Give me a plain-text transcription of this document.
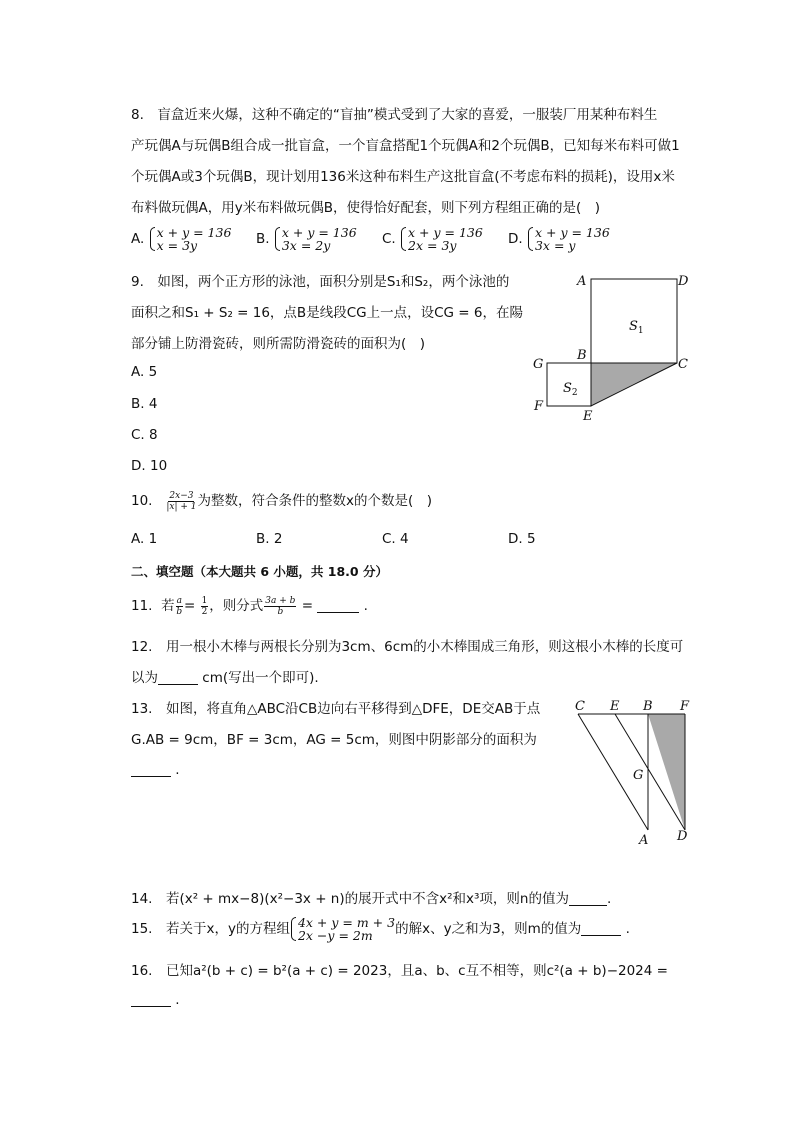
8.　盲盒近来火爆，这种不确定的“盲抽”模式受到了大家的喜爱，一服装厂用某种布料生
产玩偶A与玩偶B组合成一批盲盒，一个盲盒搭配1个玩偶A和2个玩偶B，已知每米布料可做1
个玩偶A或3个玩偶B，现计划用136米这种布料生产这批盲盒(不考虑布料的损耗)，设用x米
布料做玩偶A，用y米布料做玩偶B，使得恰好配套，则下列方程组正确的是(　)
A. x + y = 136
x = 3y	B. x + y = 136
3x = 2y	C. x + y = 136
2x = 3y	D. x + y = 136
3x = y
9.　如图，两个正方形的泳池，面积分别是S₁和S₂，两个泳池的
面积之和S₁ + S₂ = 16，点B是线段CG上一点，设CG = 6，在陽
部分铺上防滑瓷砖，则所需防滑瓷砖的面积为(　)
A. 5
B. 4
C. 8
D. 10
A	D
$S_1$
B
C
G
$S_2$
F
E
10. $\frac{2x-3}{|x| + 1}$ 为整数，符合条件的整数x的个数是(　)
A. 1	B. 2	C. 4	D. 5
二、填空题（本大题共 6 小题，共 18.0 分）
11. 若 $\frac{a}{b} = \frac{1}{2}$ ，则分式 $\frac{3a + b}{b}$ =	.
12.　用一根小木棒与两根长分别为3cm、6cm的小木棒围成三角形，则这根小木棒的长度可
以为	cm(写出一个即可).
13.　如图，将直角△ABC沿CB边向右平移得到△DFE，DE交AB于点
G.AB = 9cm，BF = 3cm，AG = 5cm，则图中阴影部分的面积为
.
C E B F
G
A D
14.　若(x² + mx−8)(x²−3x + n)的展开式中不含x²和x³项，则n的值为	.
15.　若关于x，y的方程组 4x + y = m + 3
2x −y = 2m 的解x、y之和为3，则m的值为	.
16.　已知a²(b + c) = b²(a + c) = 2023，且a、b、c互不相等，则c²(a + b)−2024 =
.
